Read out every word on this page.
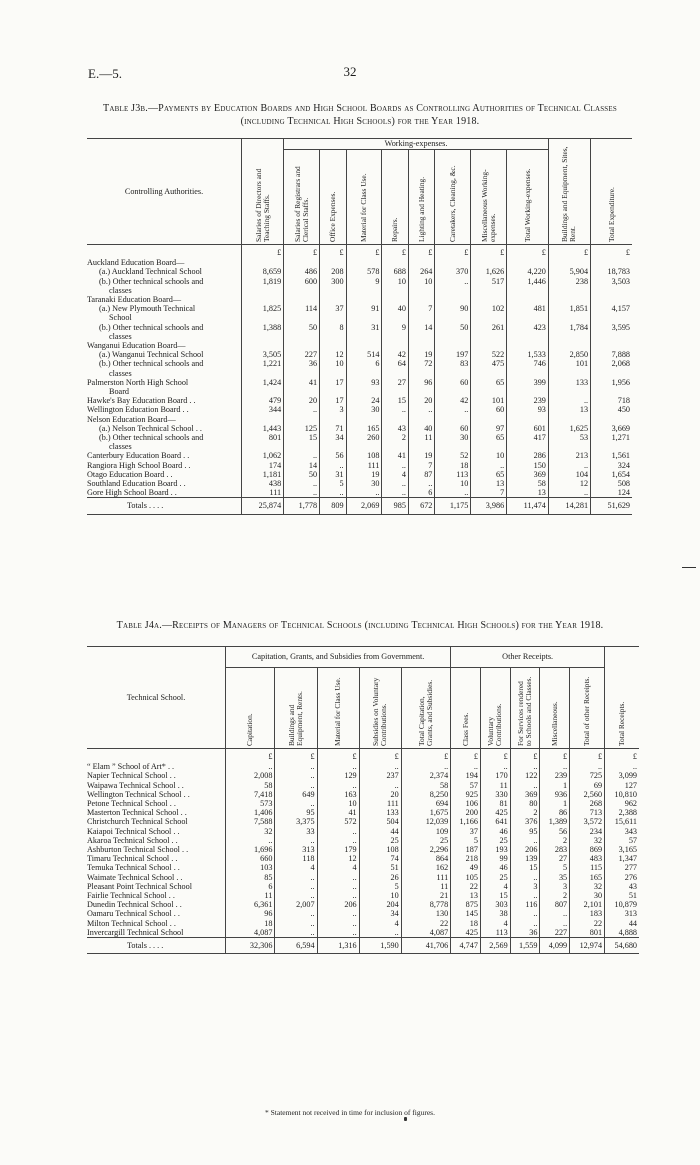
E.—5.	32
Table J3b.—Payments by Education Boards and High School Boards as Controlling Authorities of Technical Classes (including Technical High Schools) for the Year 1918.
Controlling Authorities.	Salaries of Directors and Teaching Staffs.	Working-expenses.								Buildings and Equipment, Sites, Rent.	Total Expenditure.
		Salaries of Registrars and Clerical Staffs.	Office Expenses.	Material for Class Use.	Repairs.	Lighting and Heating.	Caretakers, Cleaning, &c.	Miscellaneous Working-expenses.	Total Working-expenses.		
	£	£	£	£	£	£	£	£	£	£	£
Auckland Education Board—											
(a.) Auckland Technical School	8,659	486	208	578	688	264	370	1,626	4,220	5,904	18,783
(b.) Other technical schools and	1,819	600	300	9	10	10	..	517	1,446	238	3,503
classes											
Taranaki Education Board—											
(a.) New Plymouth Technical	1,825	114	37	91	40	7	90	102	481	1,851	4,157
School											
(b.) Other technical schools and	1,388	50	8	31	9	14	50	261	423	1,784	3,595
classes											
Wanganui Education Board—											
(a.) Wanganui Technical School	3,505	227	12	514	42	19	197	522	1,533	2,850	7,888
(b.) Other technical schools and	1,221	36	10	6	64	72	83	475	746	101	2,068
classes											
Palmerston North High School	1,424	41	17	93	27	96	60	65	399	133	1,956
Board											
Hawke's Bay Education Board . .	479	20	17	24	15	20	42	101	239	..	718
Wellington Education Board . .	344	..	3	30	..	..	..	60	93	13	450
Nelson Education Board—											
(a.) Nelson Technical School . .	1,443	125	71	165	43	40	60	97	601	1,625	3,669
(b.) Other technical schools and	801	15	34	260	2	11	30	65	417	53	1,271
classes											
Canterbury Education Board . .	1,062	..	56	108	41	19	52	10	286	213	1,561
Rangiora High School Board . .	174	14	..	111	..	7	18	..	150	..	324
Otago Education Board . .	1,181	50	31	19	4	87	113	65	369	104	1,654
Southland Education Board . .	438	..	5	30	..	..	10	13	58	12	508
Gore High School Board . .	111	..	..	..	..	6	..	7	13	..	124
Totals . . . .	25,874	1,778	809	2,069	985	672	1,175	3,986	11,474	14,281	51,629
Table J4a.—Receipts of Managers of Technical Schools (including Technical High Schools) for the Year 1918.
Technical School.	Capitation, Grants, and Subsidies from Government.					Other Receipts.					Total Receipts.
	Capitation.	Buildings and Equipment, Rents.	Material for Class Use.	Subsidies on Voluntary Contributions.	Total Capitation, Grants, and Subsidies.	Class Fees.	Voluntary Contributions.	For Services rendered to Schools and Classes.	Miscellaneous.	Total of other Receipts.	
	£	£	£	£	£	£	£	£	£	£	£
“ Elam ” School of Art* . .	..	..	..	..	..	..	..	..	..	..	..
Napier Technical School . .	2,008	..	129	237	2,374	194	170	122	239	725	3,099
Waipawa Technical School . .	58	..	..	..	58	57	11	..	1	69	127
Wellington Technical School . .	7,418	649	163	20	8,250	925	330	369	936	2,560	10,810
Petone Technical School . .	573	..	10	111	694	106	81	80	1	268	962
Masterton Technical School . .	1,406	95	41	133	1,675	200	425	2	86	713	2,388
Christchurch Technical School	7,588	3,375	572	504	12,039	1,166	641	376	1,389	3,572	15,611
Kaiapoi Technical School . .	32	33	..	44	109	37	46	95	56	234	343
Akaroa Technical School . .	..	..	..	25	25	5	25	..	2	32	57
Ashburton Technical School . .	1,696	313	179	108	2,296	187	193	206	283	869	3,165
Timaru Technical School . .	660	118	12	74	864	218	99	139	27	483	1,347
Temuka Technical School . .	103	4	4	51	162	49	46	15	5	115	277
Waimate Technical School . .	85	..	..	26	111	105	25	..	35	165	276
Pleasant Point Technical School	6	..	..	5	11	22	4	3	3	32	43
Fairlie Technical School . .	11	..	..	10	21	13	15	..	2	30	51
Dunedin Technical School . .	6,361	2,007	206	204	8,778	875	303	116	807	2,101	10,879
Oamaru Technical School . .	96	..	..	34	130	145	38	..	..	183	313
Milton Technical School . .	18	..	..	4	22	18	4	..	..	22	44
Invercargill Technical School	4,087	..	..	..	4,087	425	113	36	227	801	4,888
Totals . . . .	32,306	6,594	1,316	1,590	41,706	4,747	2,569	1,559	4,099	12,974	54,680
* Statement not received in time for inclusion of figures.
